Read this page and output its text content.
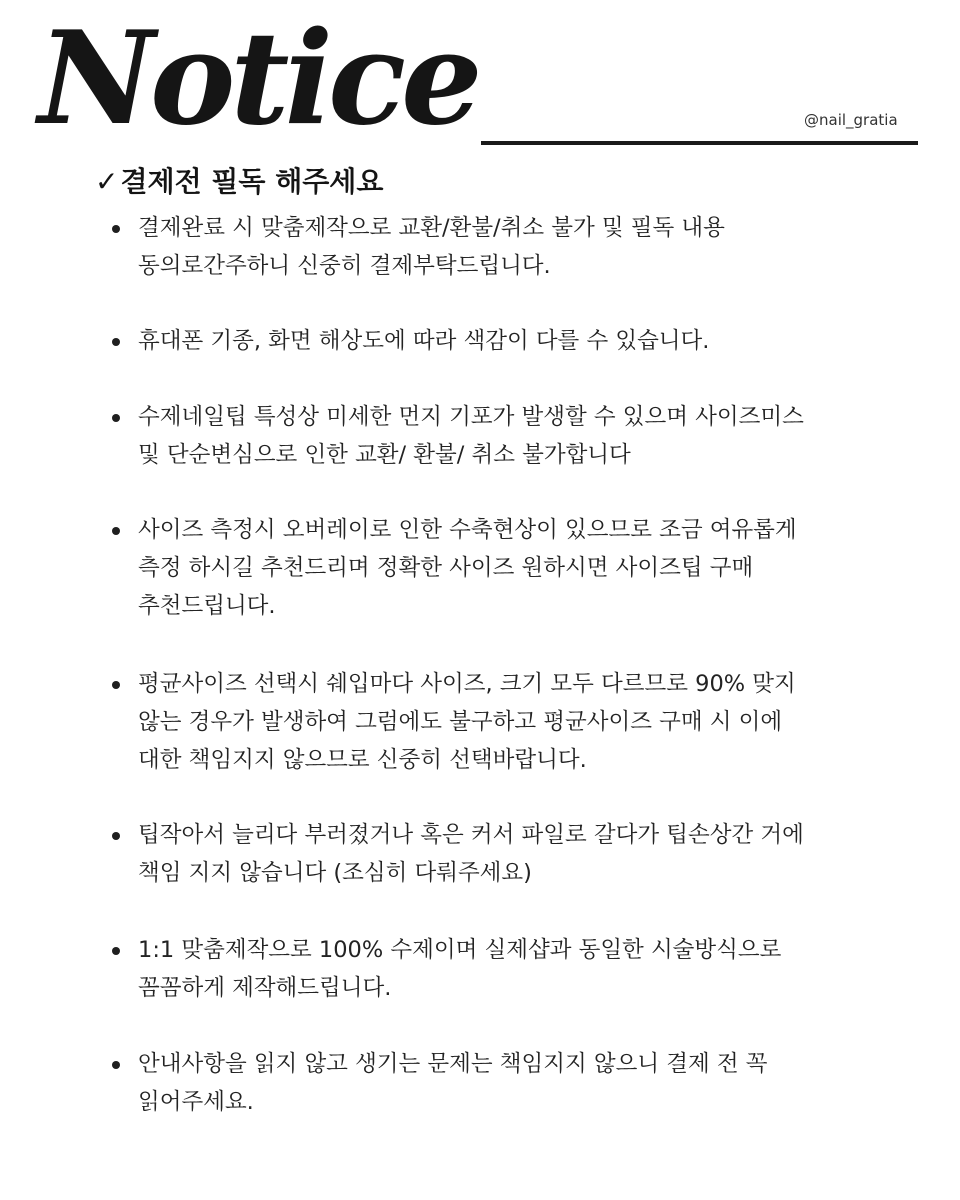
Notice	@nail_gratia
✓결제전 필독 해주세요
결제완료 시 맞춤제작으로 교환/환불/취소 불가 및 필독 내용 동의로간주하니 신중히 결제부탁드립니다.
휴대폰 기종, 화면 해상도에 따라 색감이 다를 수 있습니다.
수제네일팁 특성상 미세한 먼지 기포가 발생할 수 있으며 사이즈미스 및 단순변심으로 인한 교환/ 환불/ 취소 불가합니다
사이즈 측정시 오버레이로 인한 수축현상이 있으므로 조금 여유롭게 측정 하시길 추천드리며 정확한 사이즈 원하시면 사이즈팁 구매 추천드립니다.
평균사이즈 선택시 쉐입마다 사이즈, 크기 모두 다르므로 90% 맞지 않는 경우가 발생하여 그럼에도 불구하고 평균사이즈 구매 시 이에 대한 책임지지 않으므로 신중히 선택바랍니다.
팁작아서 늘리다 부러졌거나 혹은 커서 파일로 갈다가 팁손상간 거에 책임 지지 않습니다 (조심히 다뤄주세요)
1:1 맞춤제작으로 100% 수제이며 실제샵과 동일한 시술방식으로 꼼꼼하게 제작해드립니다.
안내사항을 읽지 않고 생기는 문제는 책임지지 않으니 결제 전 꼭 읽어주세요.
